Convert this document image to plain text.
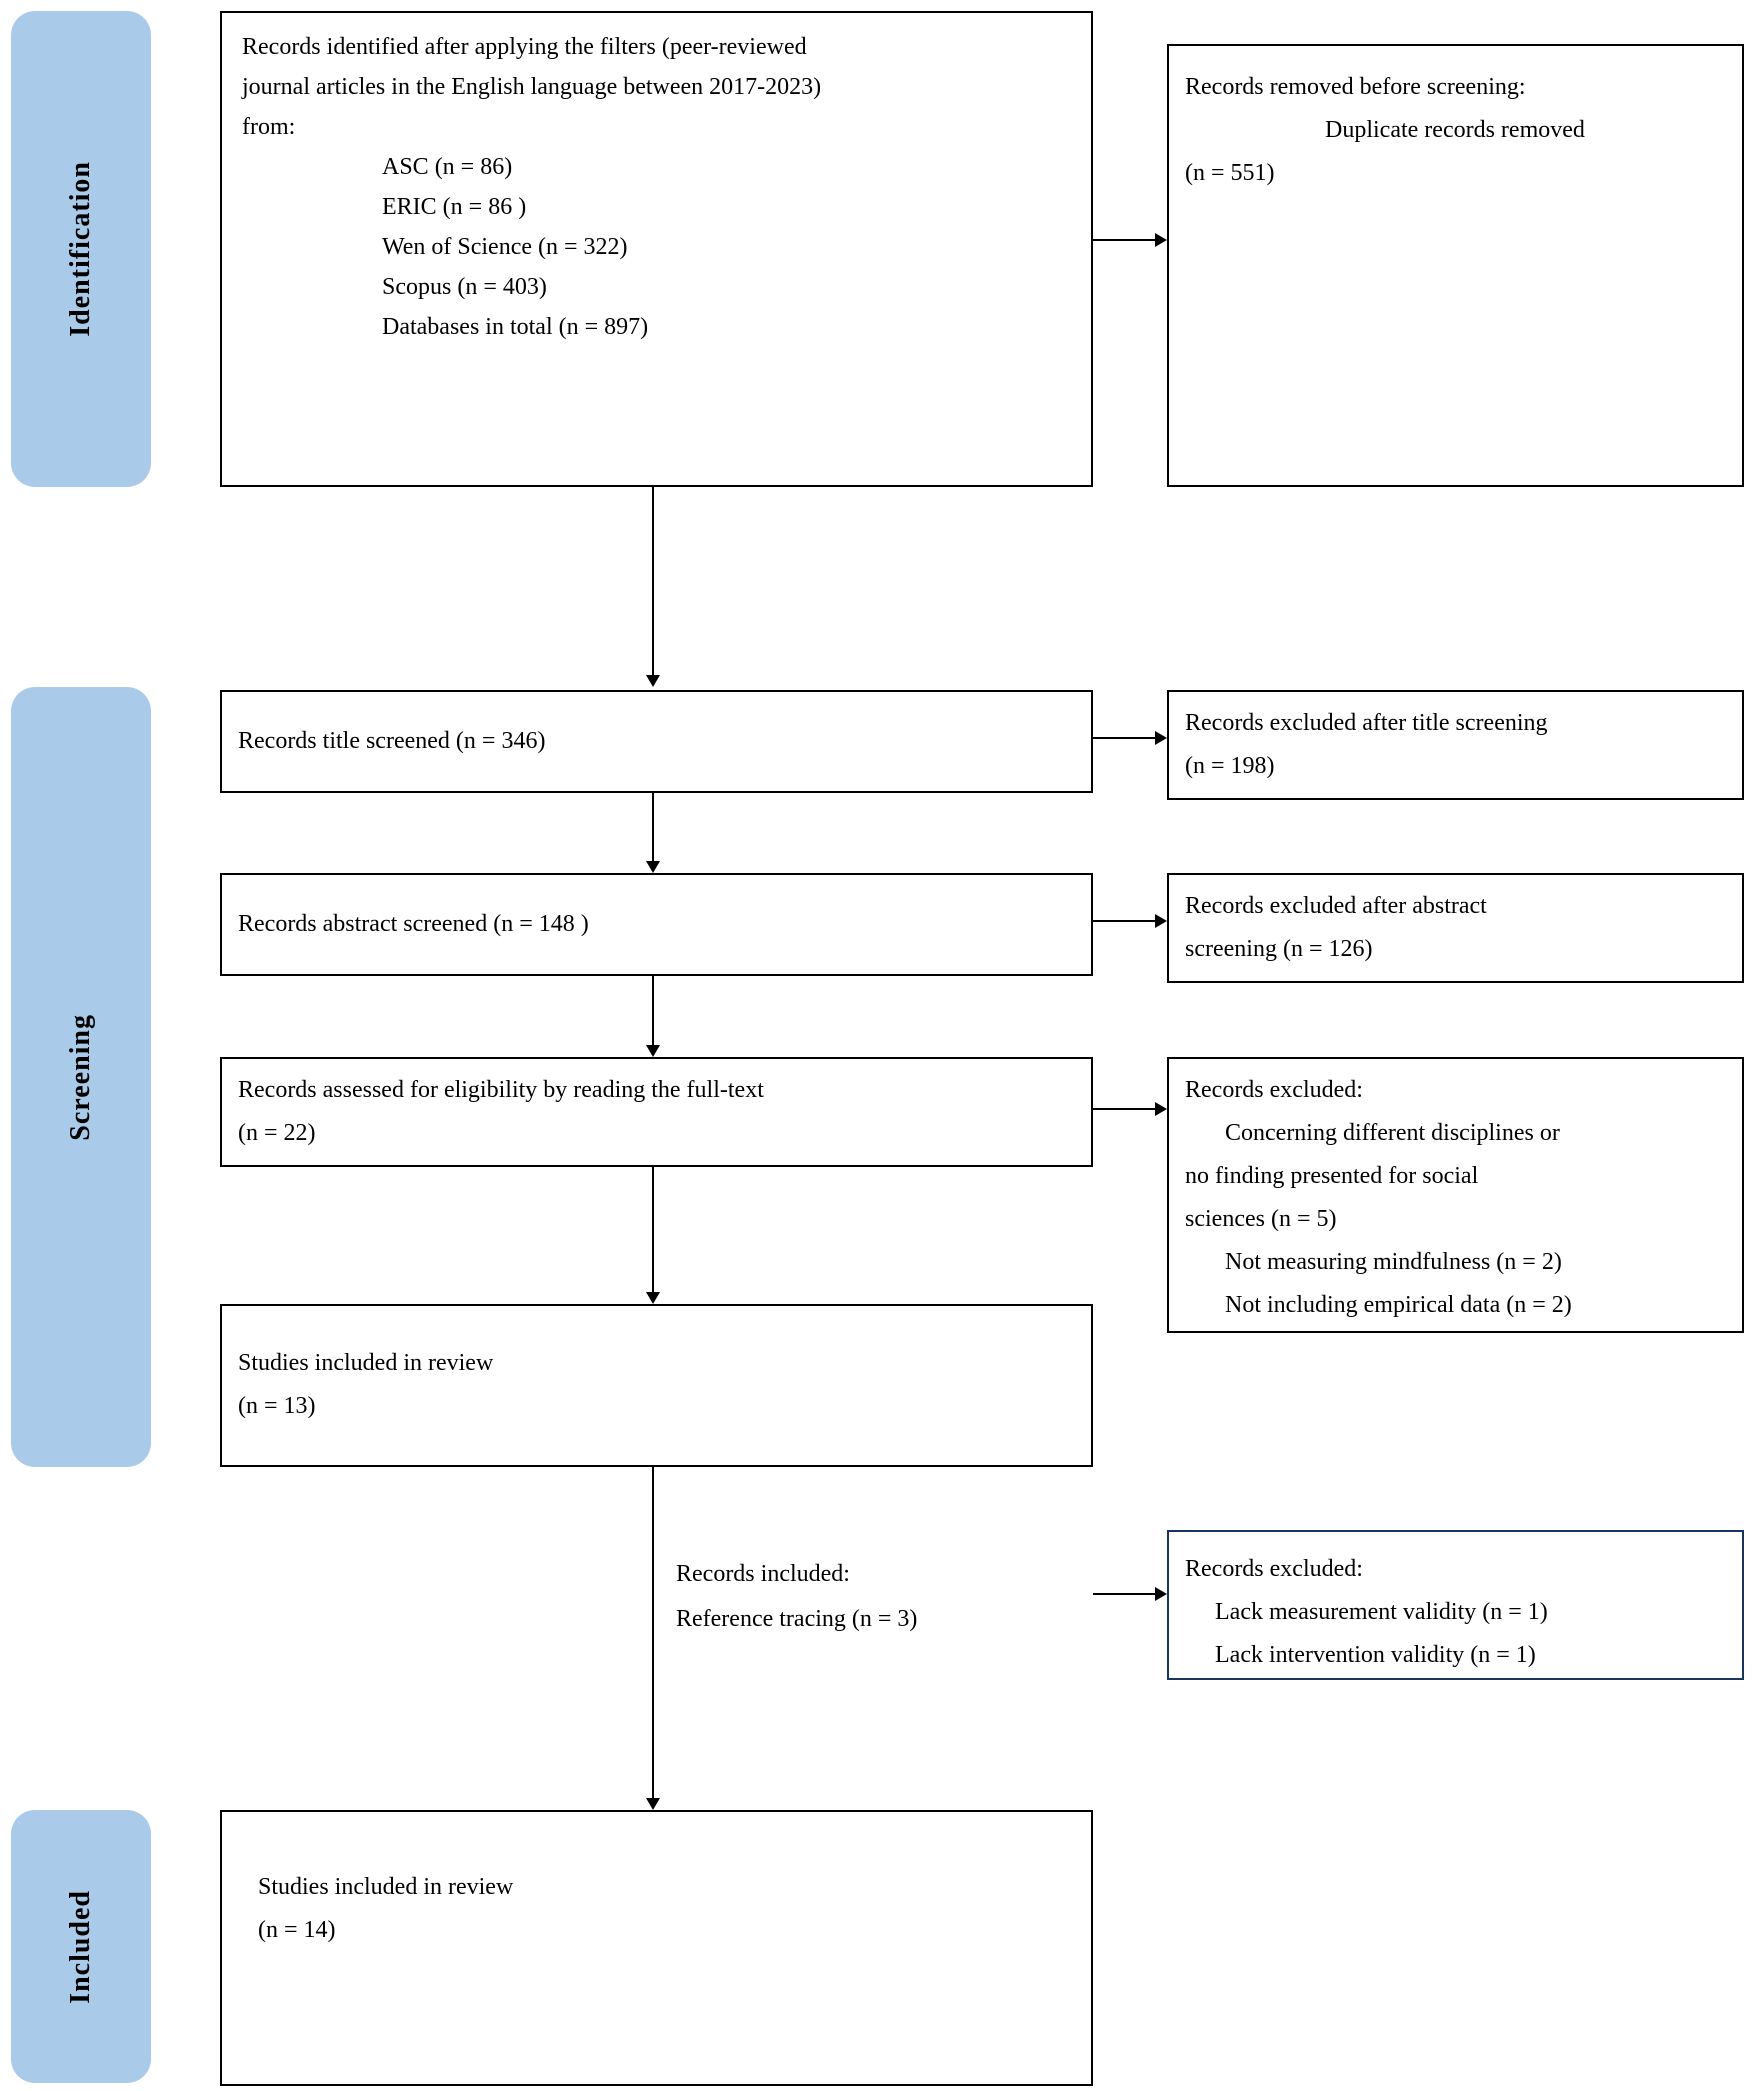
Identification
Screening
Included
Records identified after applying the filters (peer-reviewed
journal articles in the English language between 2017-2023)
from:
ASC (n = 86)
ERIC (n = 86 )
Wen of Science (n = 322)
Scopus (n = 403)
Databases in total (n = 897)
Records removed before screening:
Duplicate records removed
(n = 551)
Records title screened (n = 346)
Records excluded after title screening
(n = 198)
Records abstract screened (n = 148 )
Records excluded after abstract
screening (n = 126)
Records assessed for eligibility by reading the full-text
(n = 22)
Records excluded:
Concerning different disciplines or
no finding presented for social
sciences (n = 5)
Not measuring mindfulness (n = 2)
Not including empirical data (n = 2)
Studies included in review
(n = 13)
Records included:
Reference tracing (n = 3)
Records excluded:
Lack measurement validity (n = 1)
Lack intervention validity (n = 1)
Studies included in review
(n = 14)
